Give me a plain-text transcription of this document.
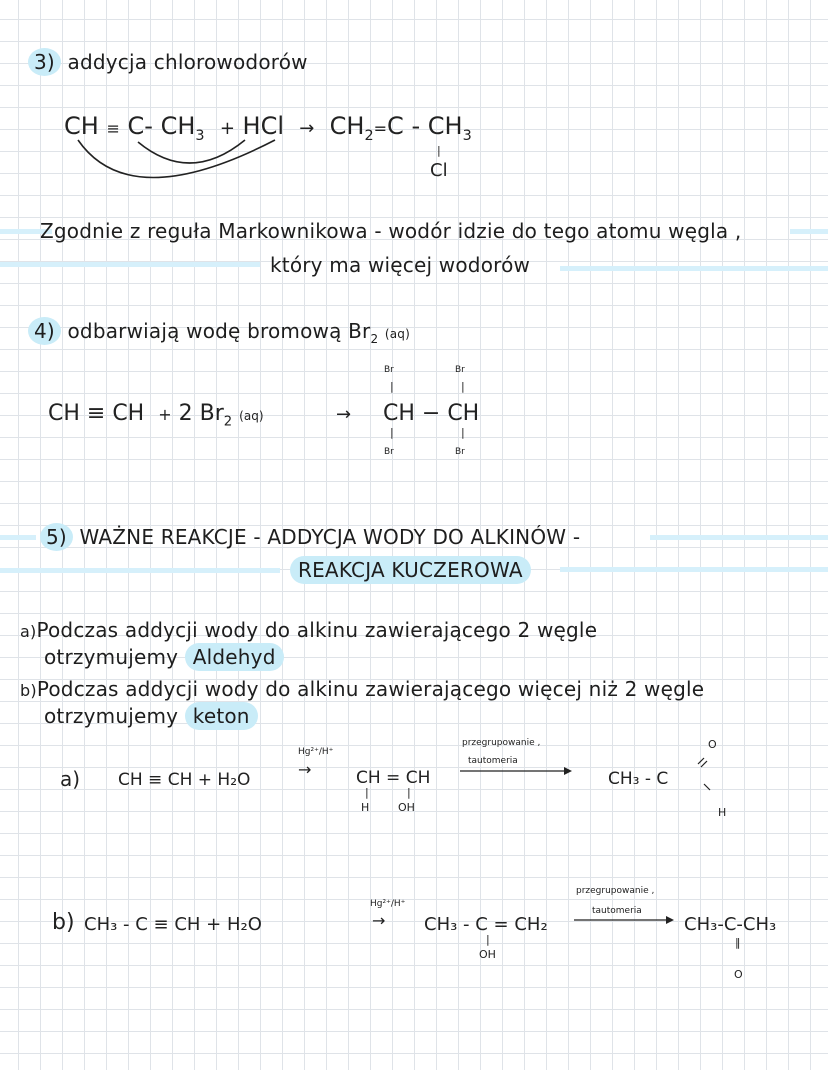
3) addycja chlorowodorów
CH ≡ C- $CH_3$ + HCl → $CH_2=C - CH_3$
|
Cl
Zgodnie z reguła Markownikowa - wodór idzie do tego atomu węgla ,
który ma więcej wodorów
4) odbarwiają wodę bromową $Br_2$ (aq)
CH ≡ CH + 2 $Br_2$ (aq)	→ CH − CH
Br	Br
|	|
|	|
Br	Br
5) WAŻNE REAKCJE - ADDYCJA WODY DO ALKINÓW -
REAKCJA KUCZEROWA
a)Podczas addycji wody do alkinu zawierającego 2 węgle
otrzymujemy Aldehyd
b)Podczas addycji wody do alkinu zawierającego więcej niż 2 węgle
otrzymujemy keton
a) CH ≡ CH + H₂O
Hg²⁺/H⁺
→	CH = CH
|	|
H	OH
przegrupowanie ,
tautomeria
CH₃ - C
O
H
b) CH₃ - C ≡ CH + H₂O
Hg²⁺/H⁺
→ CH₃ - C = CH₂
|
OH
przegrupowanie ,
tautomeria
CH₃-C-CH₃
||
O
